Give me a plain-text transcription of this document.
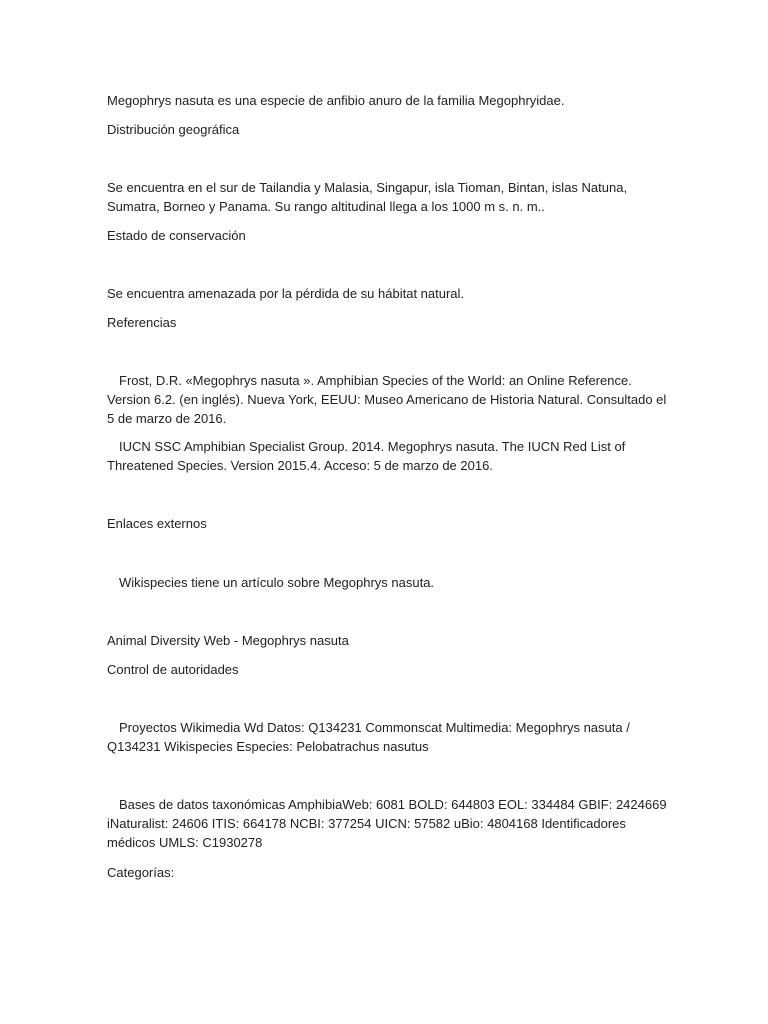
Megophrys nasuta es una especie de anfibio anuro de la familia Megophryidae.

Distribución geográfica

Se encuentra en el sur de Tailandia y Malasia, Singapur, isla Tioman, Bintan, islas Natuna, Sumatra, Borneo y Panama. Su rango altitudinal llega a los 1000 m s. n. m..

Estado de conservación

Se encuentra amenazada por la pérdida de su hábitat natural.

Referencias

Frost, D.R. «Megophrys nasuta ». Amphibian Species of the World: an Online Reference. Version 6.2. (en inglés). Nueva York, EEUU: Museo Americano de Historia Natural. Consultado el 5 de marzo de 2016.

IUCN SSC Amphibian Specialist Group. 2014. Megophrys nasuta. The IUCN Red List of Threatened Species. Version 2015.4. Acceso: 5 de marzo de 2016.

Enlaces externos

Wikispecies tiene un artículo sobre Megophrys nasuta.

Animal Diversity Web - Megophrys nasuta

Control de autoridades

Proyectos Wikimedia Wd Datos: Q134231 Commonscat Multimedia: Megophrys nasuta / Q134231 Wikispecies Especies: Pelobatrachus nasutus

Bases de datos taxonómicas AmphibiaWeb: 6081 BOLD: 644803 EOL: 334484 GBIF: 2424669 iNaturalist: 24606 ITIS: 664178 NCBI: 377254 UICN: 57582 uBio: 4804168 Identificadores médicos UMLS: C1930278

Categorías:
